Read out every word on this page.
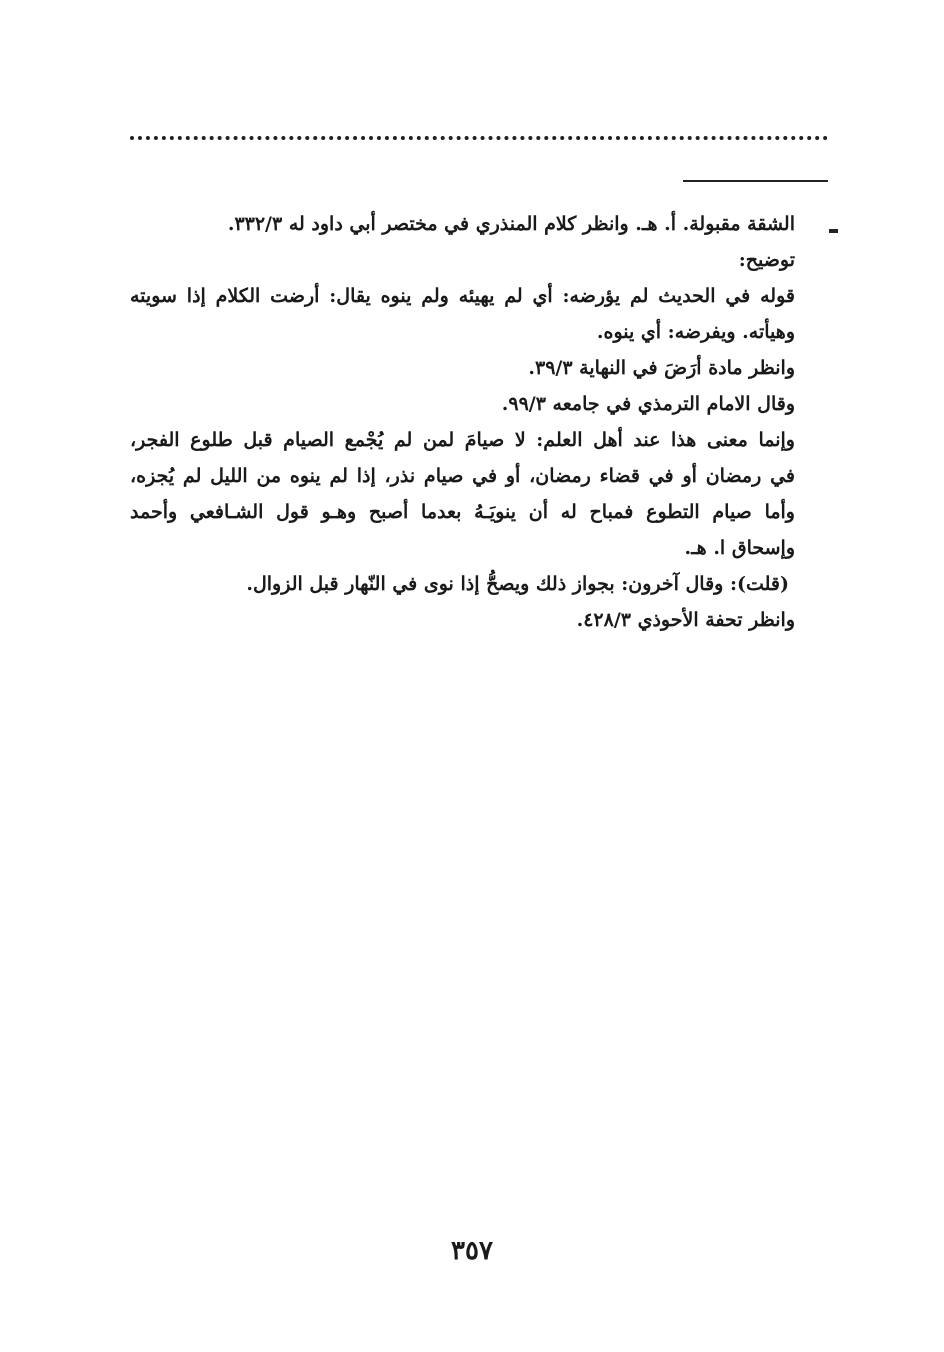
الشقة مقبولة. أ. هـ. وانظر كلام المنذري في مختصر أبي داود له ٣٣٢/٣.
توضيح:
قوله في الحديث لم يؤرضه: أي لم يهيئه ولم ينوه يقال: أرضت الكلام إذا سويته
وهيأته. ويفرضه: أي ينوه.
وانظر مادة أرَضَ في النهاية ٣٩/٣.
وقال الامام الترمذي في جامعه ٩٩/٣.
وإنما معنى هذا عند أهل العلم: لا صيامَ لمن لم يُجْمع الصيام قبل طلوع الفجر،
في رمضان أو في قضاء رمضان، أو في صيام نذر، إذا لم ينوه من الليل لم يُجزه،
وأما صيام التطوع فمباح له أن ينويَـهُ بعدما أصبح وهـو قول الشـافعي وأحمد
وإسحاق ا. هـ.
(قلت): وقال آخرون: بجواز ذلك ويصحُّ إذا نوى في النّهار قبل الزوال.
وانظر تحفة الأحوذي ٤٢٨/٣.
٣٥٧
